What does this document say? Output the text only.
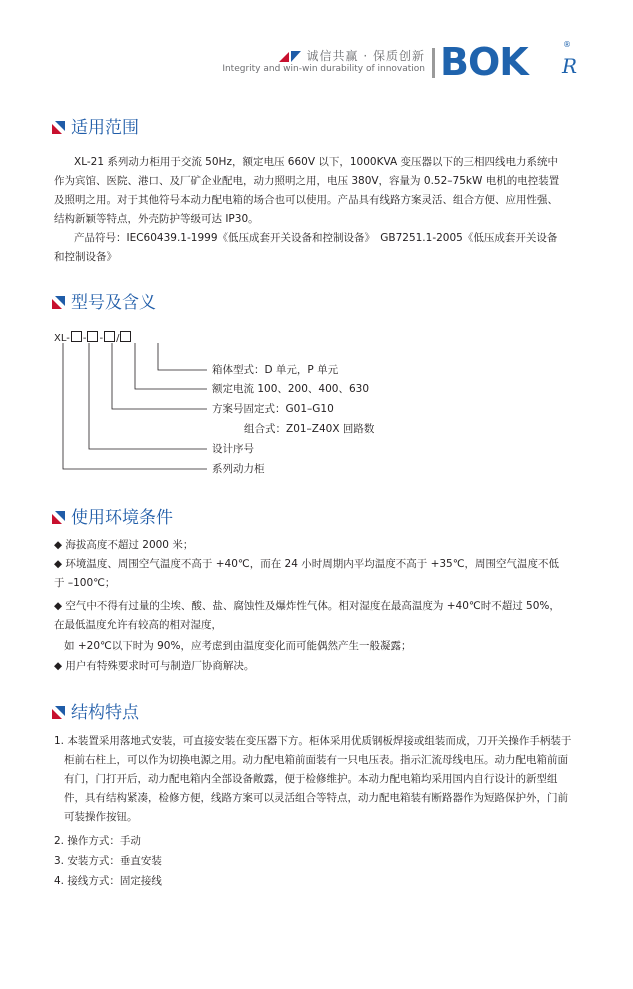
诚信共赢 · 保质创新
Integrity and win-win durability of innovation BOK R
®
适用范围
XL-21 系列动力柜用于交流 50Hz，额定电压 660V 以下，1000KVA 变压器以下的三相四线电力系统中作为宾馆、医院、港口、及厂矿企业配电，动力照明之用，电压 380V，容量为 0.52–75kW 电机的电控装置及照明之用。对于其他符号本动力配电箱的场合也可以使用。产品具有线路方案灵活、组合方便、应用性强、结构新颖等特点，外壳防护等级可达 IP30。
产品符号：IEC60439.1-1999《低压成套开关设备和控制设备》　GB7251.1-2005《低压成套开关设备和控制设备》
型号及含义
XL- - - /
箱体型式：D 单元，P 单元
额定电流 100、200、400、630
方案号固定式：G01–G10
组合式：Z01–Z40X 回路数
设计序号
系列动力柜
使用环境条件
◆ 海拔高度不超过 2000 米；
◆ 环境温度、周围空气温度不高于 +40℃，而在 24 小时周期内平均温度不高于 +35℃，周围空气温度不低于 –100℃；
◆ 空气中不得有过量的尘埃、酸、盐、腐蚀性及爆炸性气体。相对湿度在最高温度为 +40℃时不超过 50%，在最低温度允许有较高的相对湿度，
如 +20℃以下时为 90%，应考虑到由温度变化而可能偶然产生一般凝露；
◆ 用户有特殊要求时可与制造厂协商解决。
结构特点
1. 本装置采用落地式安装，可直接安装在变压器下方。柜体采用优质钢板焊接或组装而成，刀开关操作手柄装于柜前右柱上，可以作为切换电源之用。动力配电箱前面装有一只电压表。指示汇流母线电压。动力配电箱前面有门，门打开后，动力配电箱内全部设备敞露，便于检修维护。本动力配电箱均采用国内自行设计的新型组件，具有结构紧凑，检修方便，线路方案可以灵活组合等特点，动力配电箱装有断路器作为短路保护外，门前可装操作按钮。
2. 操作方式：手动
3. 安装方式：垂直安装
4. 接线方式：固定接线
